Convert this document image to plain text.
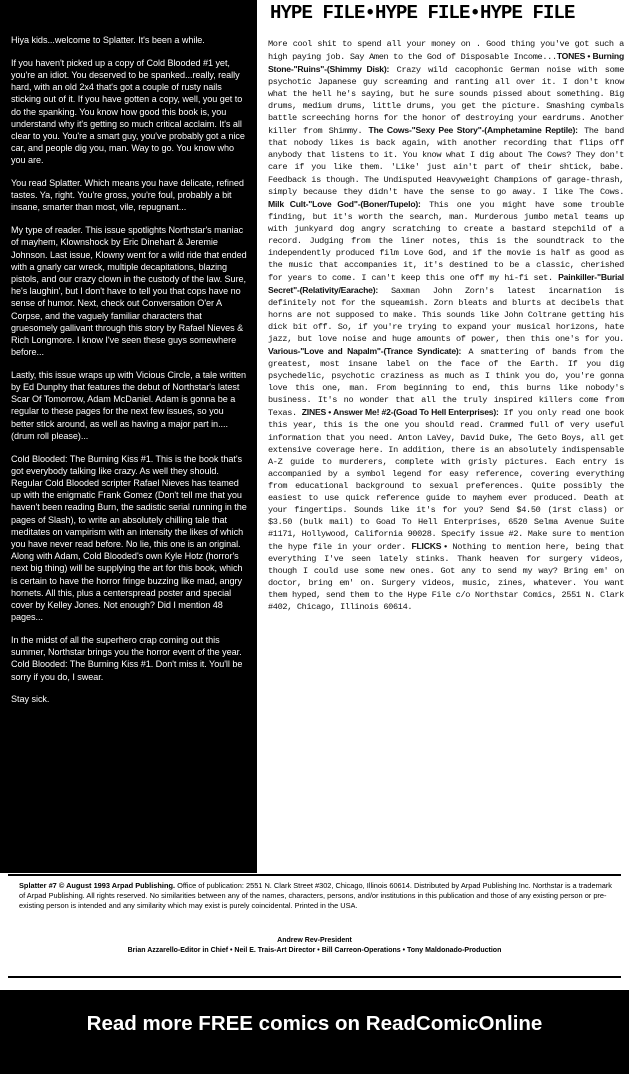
Hiya kids...welcome to Splatter. It's been a while.

If you haven't picked up a copy of Cold Blooded #1 yet, you're an idiot. You deserved to be spanked...really, really hard, with an old 2x4 that's got a couple of rusty nails sticking out of it. If you have gotten a copy, well, you get to do the spanking. You know how good this book is, you understand why it's getting so much critical acclaim. It's all clear to you. You're a smart guy, you've probably got a nice car, and people dig you, man. Way to go. You know who you are.

You read Splatter. Which means you have delicate, refined tastes. Ya, right. You're gross, you're foul, probably a bit insane, smarter than most, vile, repugnant...

My type of reader. This issue spotlights Northstar's maniac of mayhem, Klownshock by Eric Dinehart & Jeremie Johnson. Last issue, Klowny went for a wild ride that ended with a gnarly car wreck, multiple decapitations, blazing pistols, and our crazy clown in the custody of the law. Sure, he's laughin', but I don't have to tell you that cops have no sense of humor. Next, check out Conversation O'er A Corpse, and the vaguely familiar characters that gruesomely gallivant through this story by Rafael Nieves & Rich Longmore. I know I've seen these guys somewhere before...

Lastly, this issue wraps up with Vicious Circle, a tale written by Ed Dunphy that features the debut of Northstar's latest Scar Of Tomorrow, Adam McDaniel. Adam is gonna be a regular to these pages for the next few issues, so you better stick around, as well as having a major part in....(drum roll please)...

Cold Blooded: The Burning Kiss #1. This is the book that's got everybody talking like crazy. As well they should. Regular Cold Blooded scripter Rafael Nieves has teamed up with the enigmatic Frank Gomez (Don't tell me that you haven't been reading Burn, the sadistic serial running in the pages of Slash), to write an absolutely chilling tale that meditates on vampirism with an intensity the likes of which you have never read before. No lie, this one is an original. Along with Adam, Cold Blooded's own Kyle Hotz (horror's next big thing) will be supplying the art for this book, which is certain to have the horror fringe buzzing like mad, angry hornets. All this, plus a centerspread poster and special cover by Kelley Jones. Not enough? Did I mention 48 pages...

In the midst of all the superhero crap coming out this summer, Northstar brings you the horror event of the year. Cold Blooded: The Burning Kiss #1. Don't miss it. You'll be sorry if you do, I swear.

Stay sick.

HYPE FILE•HYPE FILE•HYPE FILE
More cool shit to spend all your money on . Good thing you've got such a high paying job. Say Amen to the God of Disposable Income...TONES • Burning Stone-"Ruins"-(Shimmy Disk): Crazy wild cacophonic German noise with some psychotic Japanese guy screaming and ranting all over it. I don't know what the hell he's saying, but he sure sounds pissed about something. Big drums, medium drums, little drums, you get the picture. Smashing cymbals battle screeching horns for the honor of destroying your eardrums. Another killer from Shimmy. The Cows-"Sexy Pee Story"-(Amphetamine Reptile): The band that nobody likes is back again, with another recording that flips off anybody that listens to it. You know what I dig about The Cows? They don't care if you like them. 'Like' just ain't part of their shtick, babe. Feedback is though. The Undisputed Heavyweight Champions of garage-thrash, simply because they didn't have the sense to go away. I like The Cows. Milk Cult-"Love God"-(Boner/Tupelo): This one you might have some trouble finding, but it's worth the search, man. Murderous jumbo metal teams up with junkyard dog angry scratching to create a bastard stepchild of a record. Judging from the liner notes, this is the soundtrack to the independently produced film Love God, and if the movie is half as good as the music that accompanies it, it's destined to be a classic, cherished for years to come. I can't keep this one off my hi-fi set. Painkiller-"Burial Secret"-(Relativity/Earache): Saxman John Zorn's latest incarnation is definitely not for the squeamish. Zorn bleats and blurts at decibels that horns are not supposed to make. This sounds like John Coltrane getting his dick bit off. So, if you're trying to expand your musical horizons, hate jazz, but love noise and huge amounts of power, then this one's for you. Various-"Love and Napalm"-(Trance Syndicate): A smattering of bands from the greatest, most insane label on the face of the Earth. If you dig psychedelic, psychotic craziness as much as I think you do, you're gonna love this one, man. From beginning to end, this burns like nobody's business. It's no wonder that all the truly inspired killers come from Texas. ZINES • Answer Me! #2-(Goad To Hell Enterprises): If you only read one book this year, this is the one you should read. Crammed full of very useful information that you need. Anton LaVey, David Duke, The Geto Boys, all get extensive coverage here. In addition, there is an absolutely indispensable A-Z guide to murderers, complete with grisly pictures. Each entry is accompanied by a symbol legend for easy reference, covering everything from educational background to sexual preferences. Quite possibly the easiest to use quick reference guide to mayhem ever produced. Death at your fingertips. Sounds like it's for you? Send $4.50 (1rst class) or $3.50 (bulk mail) to Goad To Hell Enterprises, 6520 Selma Avenue Suite #1171, Hollywood, California 90028. Specify issue #2. Make sure to mention the hype file in your order. FLICKS • Nothing to mention here, being that everything I've seen lately stinks. Thank heaven for surgery videos, though I could use some new ones. Got any to send my way? Bring em' on doctor, bring em' on. Surgery videos, music, zines, whatever. You want them hyped, send them to the Hype File c/o Northstar Comics, 2551 N. Clark #402, Chicago, Illinois 60614.
Splatter #7 © August 1993 Arpad Publishing. Office of publication: 2551 N. Clark Street #302, Chicago, Illinois 60614. Distributed by Arpad Publishing Inc. Northstar is a trademark of Arpad Publishing. All rights reserved. No similarities between any of the names, characters, persons, and/or institutions in this publication and those of any existing person or pre-existing person is intended and any similarity which may exist is purely coincidental. Printed in the USA.
Andrew Rev-President
Brian Azzarello-Editor in Chief • Neil E. Trais-Art Director • Bill Carreon-Operations • Tony Maldonado-Production
Read more FREE comics on ReadComicOnline
